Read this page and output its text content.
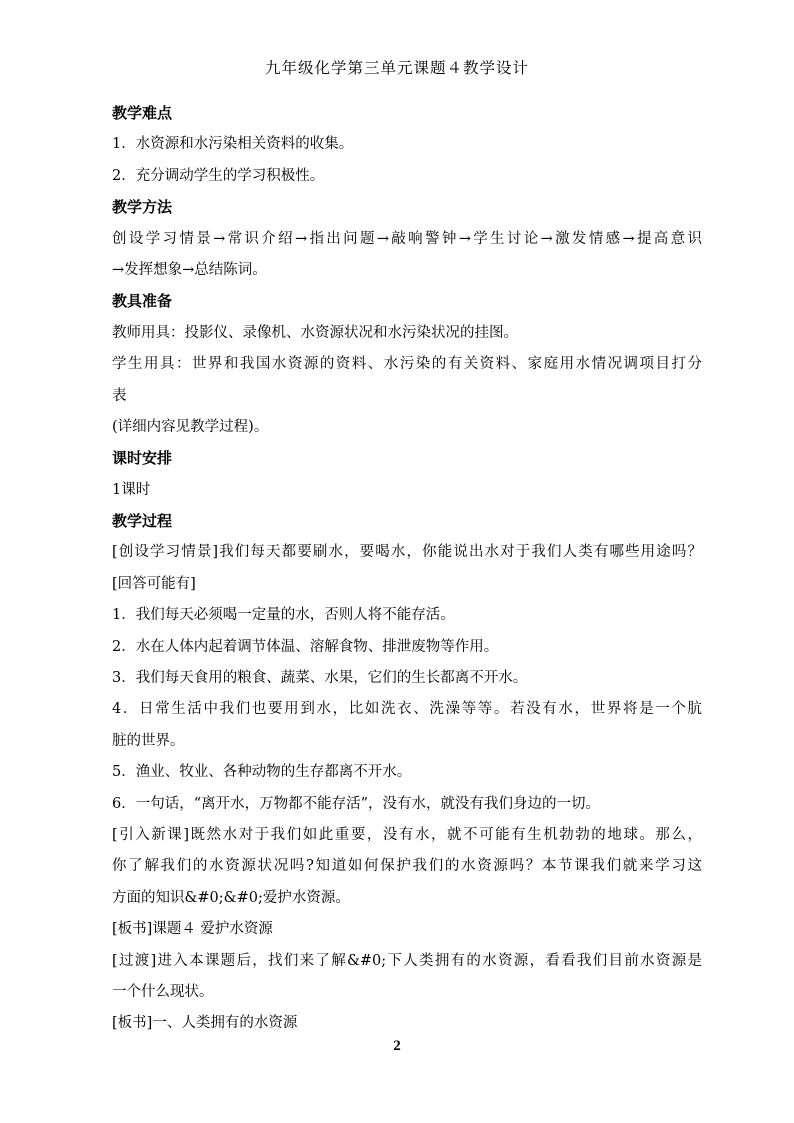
九年级化学第三单元课题４教学设计
教学难点
1．水资源和水污染相关资料的收集。
2．充分调动学生的学习积极性。
教学方法
创设学习情景→常识介绍→指出问题→敲响警钟→学生讨论→激发情感→提高意识
→发挥想象→总结陈词。
教具准备
教师用具：投影仪、录像机、水资源状况和水污染状况的挂图。
学生用具：世界和我国水资源的资料、水污染的有关资料、家庭用水情况调项目打分
表
(详细内容见教学过程)。
课时安排
1课时
教学过程
[创设学习情景]我们每天都要刷水，要喝水，你能说出水对于我们人类有哪些用途吗？
[回答可能有]
1．我们每天必须喝一定量的水，否则人将不能存活。
2．水在人体内起着调节体温、溶解食物、排泄废物等作用。
3．我们每天食用的粮食、蔬菜、水果，它们的生长都离不开水。
4．日常生活中我们也要用到水，比如洗衣、洗澡等等。若没有水，世界将是一个肮
脏的世界。
5．渔业、牧业、各种动物的生存都离不开水。
6．一句话，“离开水，万物都不能存活”，没有水，就没有我们身边的一切。
[引入新课]既然水对于我们如此重要，没有水，就不可能有生机勃勃的地球。那么，
你了解我们的水资源状况吗?知道如何保护我们的水资源吗？本节课我们就来学习这
方面的知识&#0;&#0;爱护水资源。
[板书]课题４ 爱护水资源
[过渡]进入本课题后，找们来了解&#0;下人类拥有的水资源，看看我们目前水资源是
一个什么现状。
[板书]一、人类拥有的水资源
2
